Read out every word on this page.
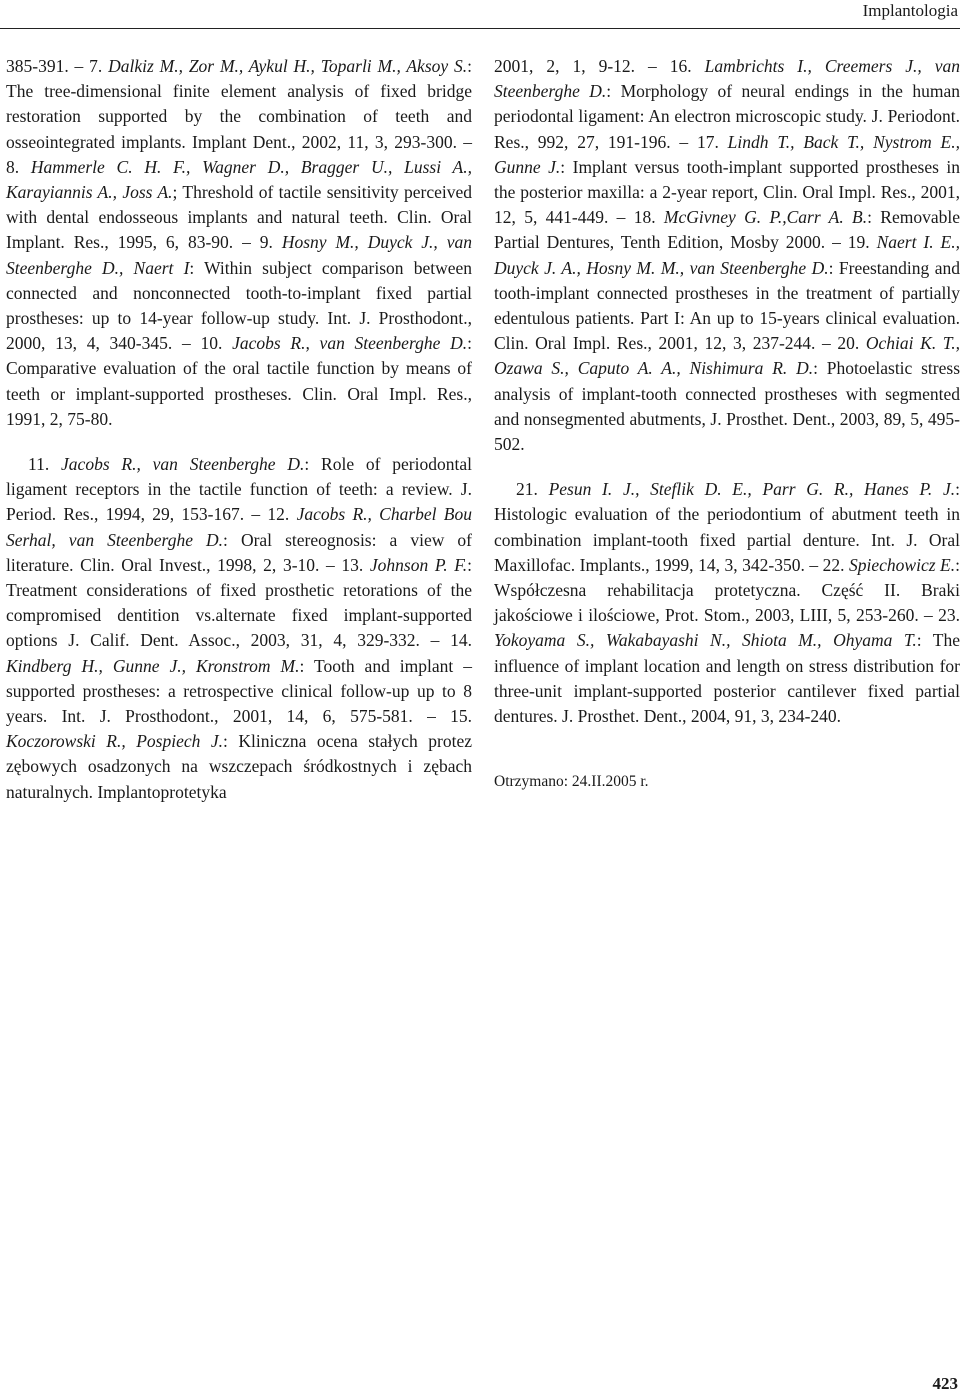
Implantologia

385-391. – 7. Dalkiz M., Zor M., Aykul H., Toparli M., Aksoy S.: The tree-dimensional finite element analysis of fixed bridge restoration supported by the combination of teeth and osseointegrated implants. Implant Dent., 2002, 11, 3, 293-300. – 8. Hammerle C. H. F., Wagner D., Bragger U., Lussi A., Karayiannis A., Joss A.; Threshold of tactile sensitivity perceived with dental endosseous implants and natural teeth. Clin. Oral Implant. Res., 1995, 6, 83-90. – 9. Hosny M., Duyck J., van Steenberghe D., Naert I: Within subject comparison between connected and nonconnected tooth-to-implant fixed partial prostheses: up to 14-year follow-up study. Int. J. Prosthodont., 2000, 13, 4, 340-345. – 10. Jacobs R., van Steenberghe D.: Comparative evaluation of the oral tactile function by means of teeth or implant-supported prostheses. Clin. Oral Impl. Res., 1991, 2, 75-80.

11. Jacobs R., van Steenberghe D.: Role of periodontal ligament receptors in the tactile function of teeth: a review. J. Period. Res., 1994, 29, 153-167. – 12. Jacobs R., Charbel Bou Serhal, van Steenberghe D.: Oral stereognosis: a view of literature. Clin. Oral Invest., 1998, 2, 3-10. – 13. Johnson P. F.: Treatment considerations of fixed prosthetic retorations of the compromised dentition vs.alternate fixed implant-supported options J. Calif. Dent. Assoc., 2003, 31, 4, 329-332. – 14. Kindberg H., Gunne J., Kronstrom M.: Tooth and implant –supported prostheses: a retrospective clinical follow-up up to 8 years. Int. J. Prosthodont., 2001, 14, 6, 575-581. – 15. Koczorowski R., Pospiech J.: Kliniczna ocena stałych protez zębowych osadzonych na wszczepach śródkostnych i zębach naturalnych. Implantoprotetyka

2001, 2, 1, 9-12. – 16. Lambrichts I., Creemers J., van Steenberghe D.: Morphology of neural endings in the human periodontal ligament: An electron microscopic study. J. Periodont. Res., 992, 27, 191-196. – 17. Lindh T., Back T., Nystrom E., Gunne J.: Implant versus tooth-implant supported prostheses in the posterior maxilla: a 2-year report, Clin. Oral Impl. Res., 2001, 12, 5, 441-449. – 18. McGivney G. P.,Carr A. B.: Removable Partial Dentures, Tenth Edition, Mosby 2000. – 19. Naert I. E., Duyck J. A., Hosny M. M., van Steenberghe D.: Freestanding and tooth-implant connected prostheses in the treatment of partially edentulous patients. Part I: An up to 15-years clinical evaluation. Clin. Oral Impl. Res., 2001, 12, 3, 237-244. – 20. Ochiai K. T., Ozawa S., Caputo A. A., Nishimura R. D.: Photoelastic stress analysis of implant-tooth connected prostheses with segmented and nonsegmented abutments, J. Prosthet. Dent., 2003, 89, 5, 495-502.

21. Pesun I. J., Steflik D. E., Parr G. R., Hanes P. J.: Histologic evaluation of the periodontium of abutment teeth in combination implant-tooth fixed partial denture. Int. J. Oral Maxillofac. Implants., 1999, 14, 3, 342-350. – 22. Spiechowicz E.: Współczesna rehabilitacja protetyczna. Część II. Braki jakościowe i ilościowe, Prot. Stom., 2003, LIII, 5, 253-260. – 23. Yokoyama S., Wakabayashi N., Shiota M., Ohyama T.: The influence of implant location and length on stress distribution for three-unit implant-supported posterior cantilever fixed partial dentures. J. Prosthet. Dent., 2004, 91, 3, 234-240.

Otrzymano: 24.II.2005 r.

423
